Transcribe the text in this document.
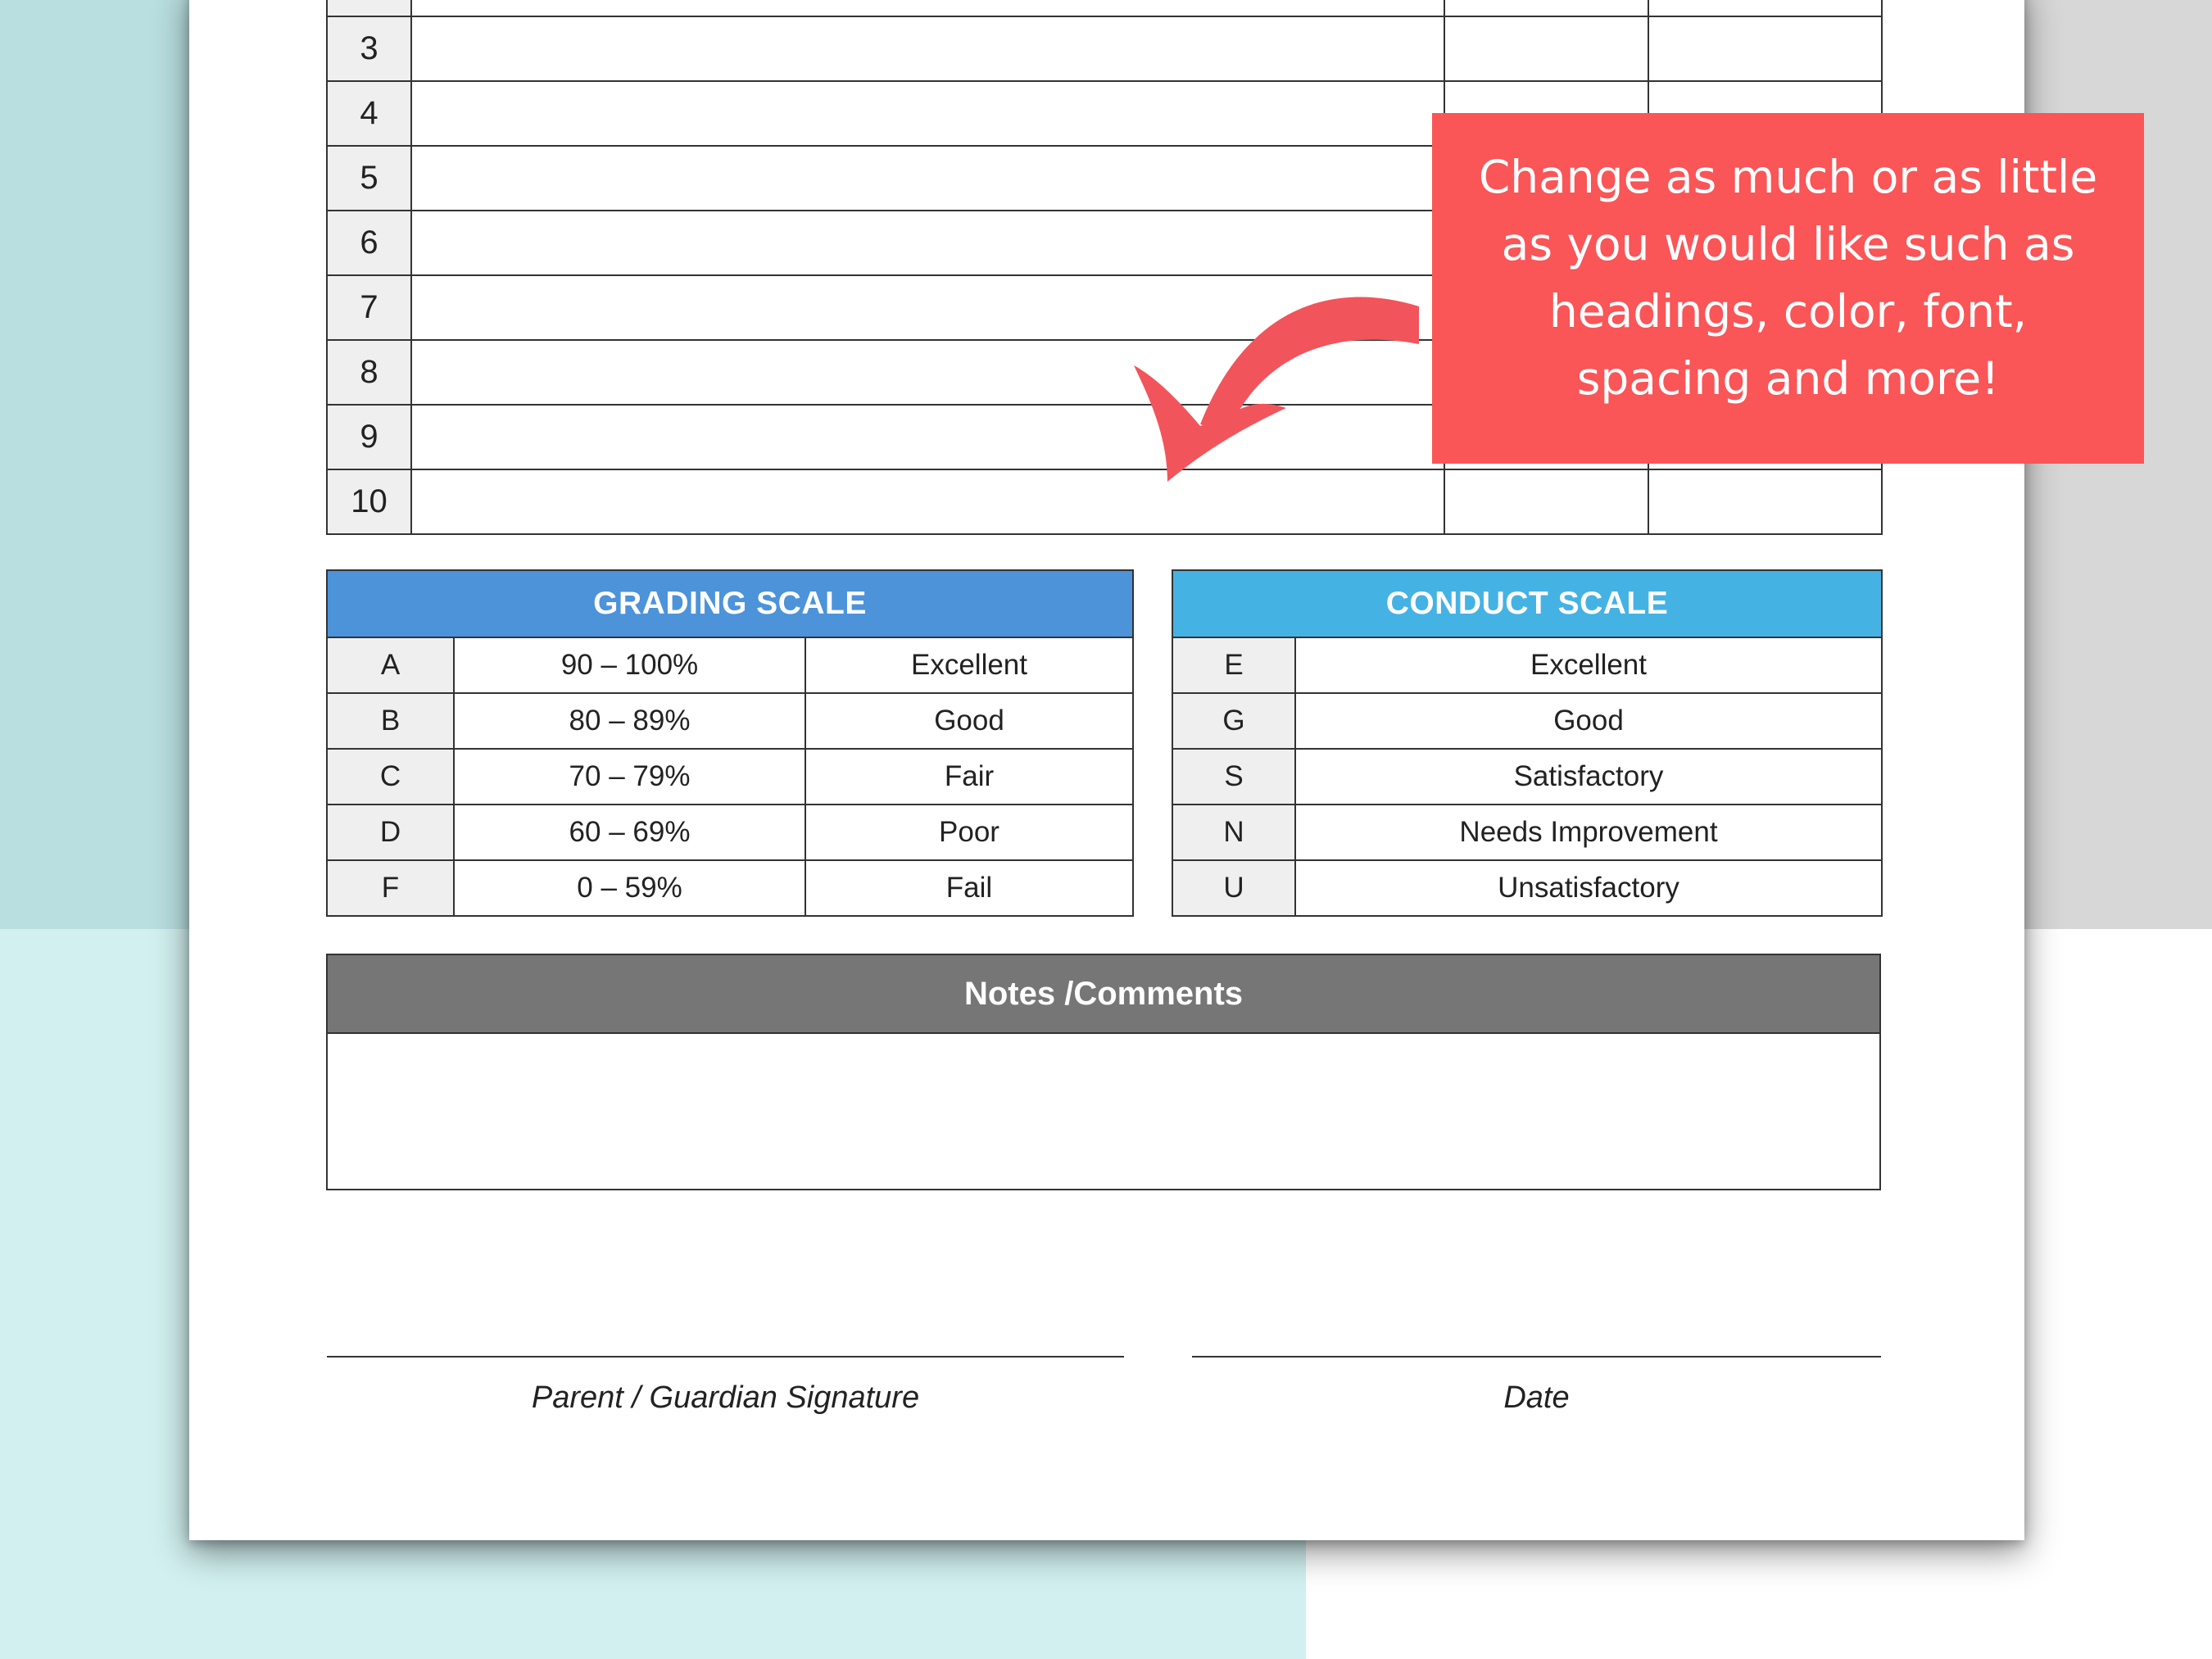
3			
4			
5			
6			
7			
8			
9			
10			
GRADING SCALE		
A	90 – 100%	Excellent
B	80 – 89%	Good
C	70 – 79%	Fair
D	60 – 69%	Poor
F	0 – 59%	Fail
CONDUCT SCALE	
E	Excellent
G	Good
S	Satisfactory
N	Needs Improvement
U	Unsatisfactory
Notes /Comments
Parent / Guardian Signature	Date
Change as much or as little
as you would like such as
headings, color, font,
spacing and more!
